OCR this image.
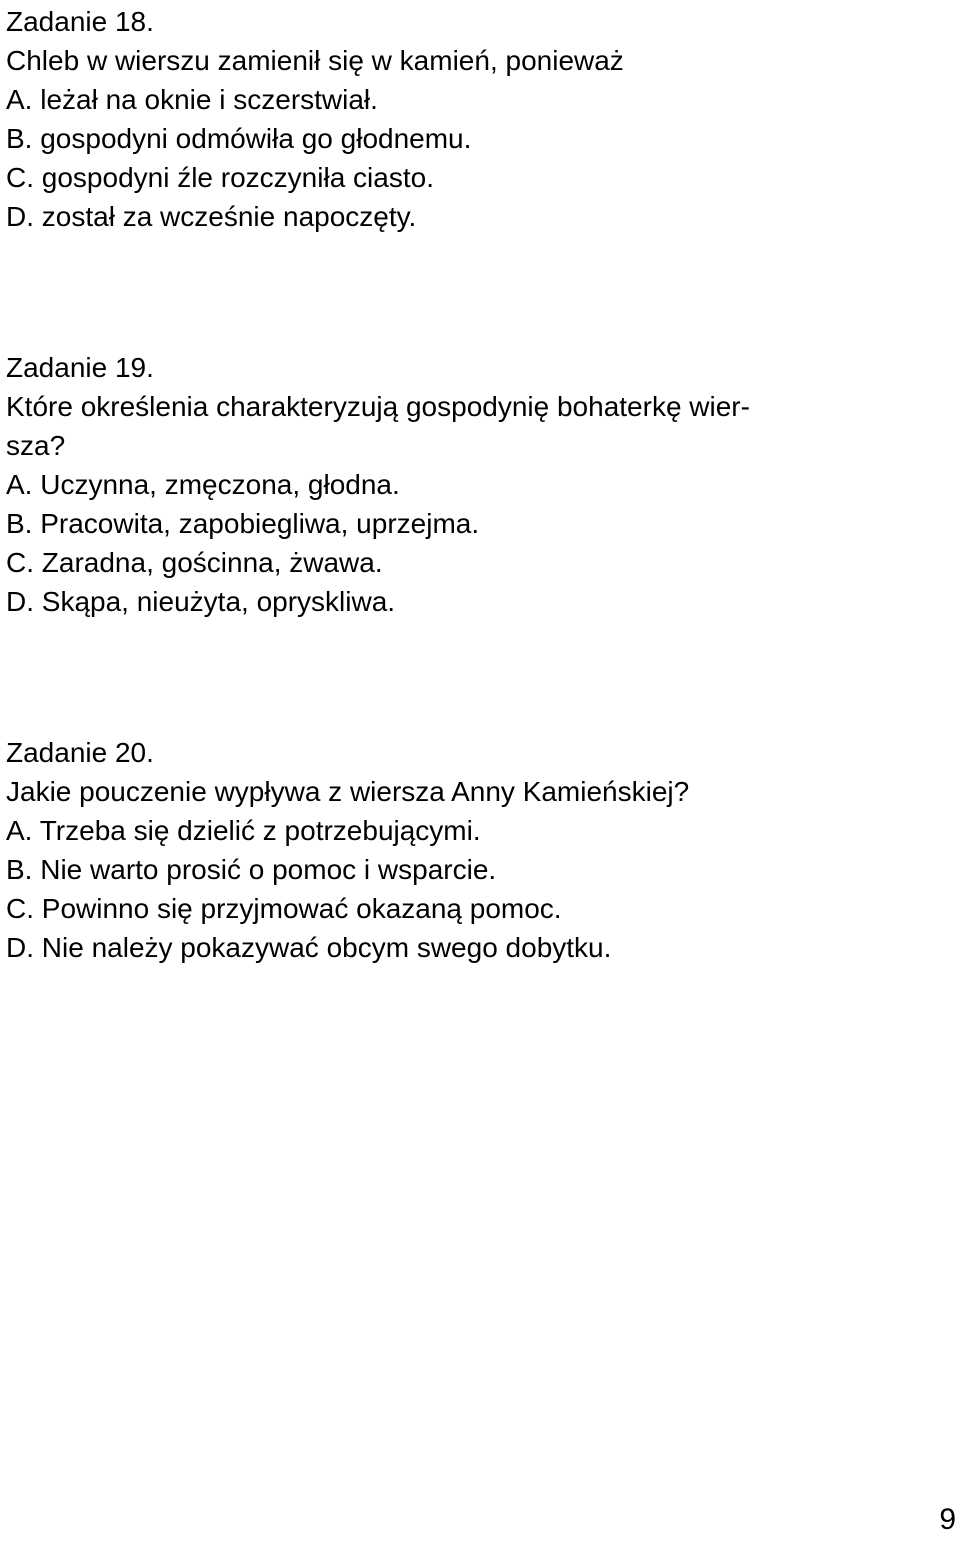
Zadanie 18.
Chleb w wierszu zamienił się w kamień, ponieważ
A. leżał na oknie i sczerstwiał.
B. gospodyni odmówiła go głodnemu.
C. gospodyni źle rozczyniła ciasto.
D. został za wcześnie napoczęty.
Zadanie 19.
Które określenia charakteryzują gospodynię bohaterkę wier-
sza?
A. Uczynna, zmęczona, głodna.
B. Pracowita, zapobiegliwa, uprzejma.
C. Zaradna, gościnna, żwawa.
D. Skąpa, nieużyta, opryskliwa.
Zadanie 20.
Jakie pouczenie wypływa z wiersza Anny Kamieńskiej?
A. Trzeba się dzielić z potrzebującymi.
B. Nie warto prosić o pomoc i wsparcie.
C. Powinno się przyjmować okazaną pomoc.
D. Nie należy pokazywać obcym swego dobytku.
9
